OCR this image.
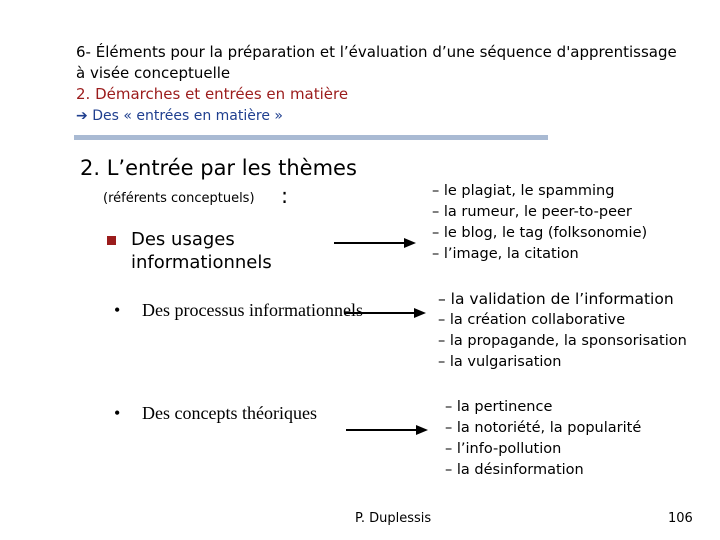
6- Éléments pour la préparation et l’évaluation d’une séquence d'apprentissage
à visée conceptuelle
2. Démarches et entrées en matière
➔ Des « entrées en matière »
2. L’entrée par les thèmes
(référents conceptuels) :
Des usages
informationnels
– le plagiat, le spamming
– la rumeur, le peer-to-peer
– le blog, le tag (folksonomie)
– l’image, la citation
• Des processus informationnels
– la validation de l’information
– la création collaborative
– la propagande, la sponsorisation
– la vulgarisation
• Des concepts théoriques	– la pertinence
– la notoriété, la popularité
– l’info-pollution
– la désinformation
P. Duplessis	106
